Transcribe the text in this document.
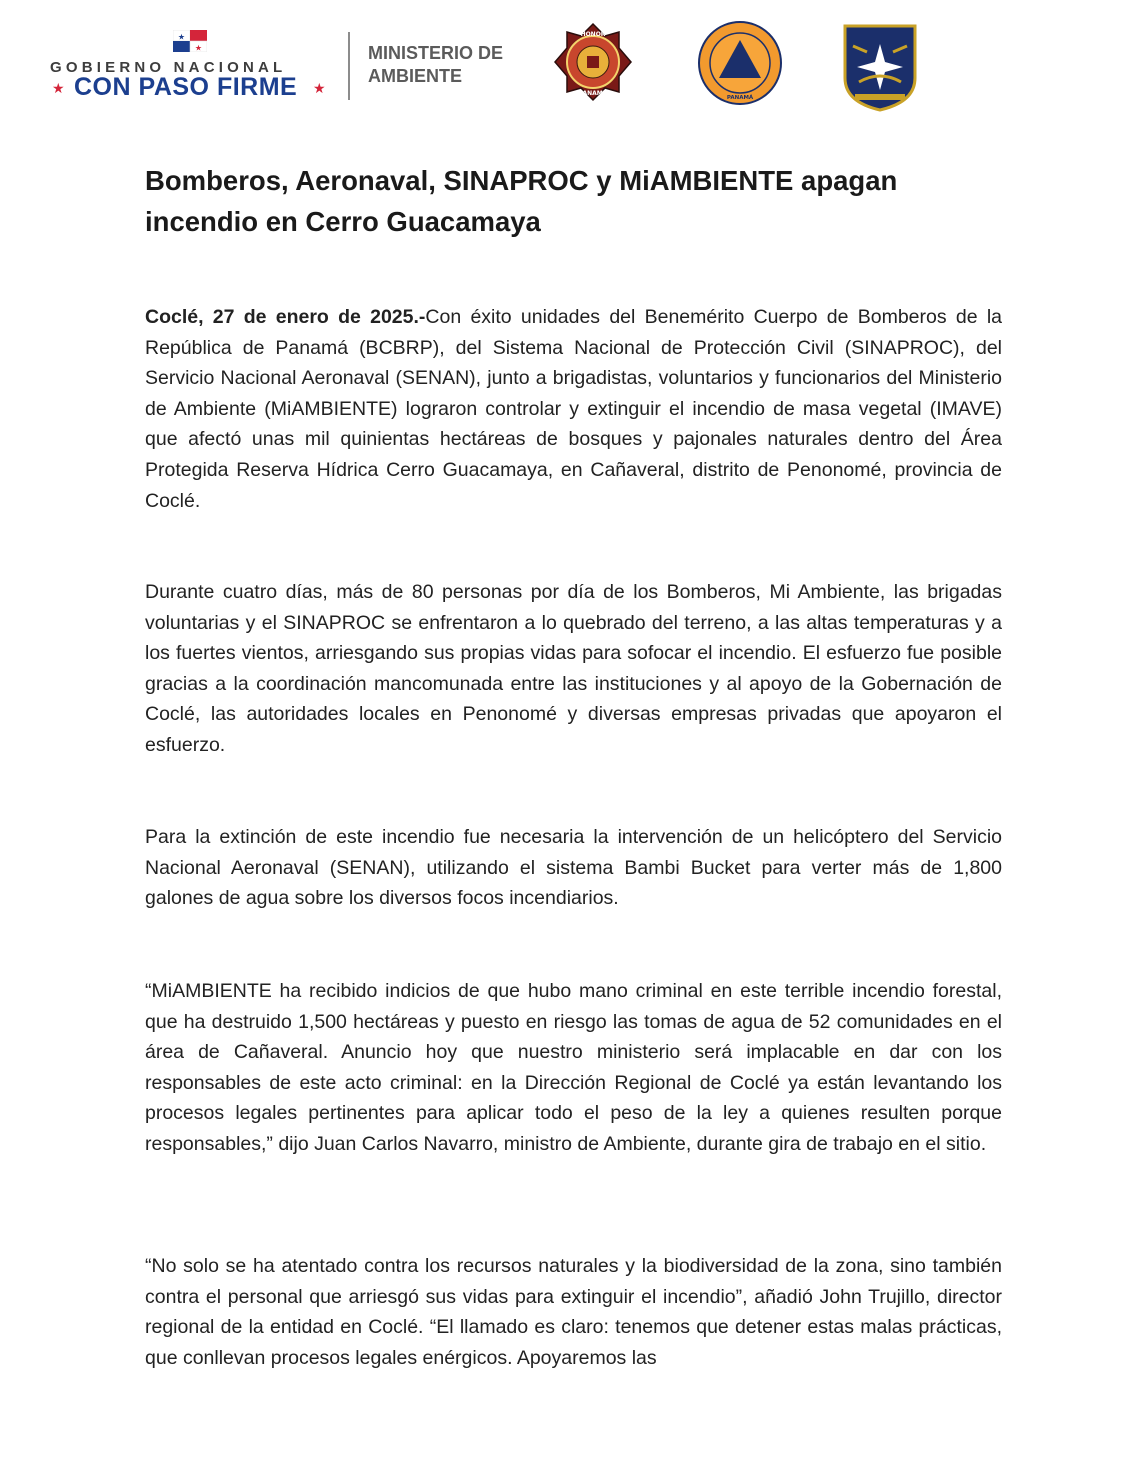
★
★
GOBIERNO NACIONAL
★ CON PASO FIRME ★
MINISTERIO DE
AMBIENTE
HONOR
PANAMÁ
PANAMÁ
Bomberos, Aeronaval, SINAPROC y MiAMBIENTE apagan incendio en Cerro Guacamaya

Coclé, 27 de enero de 2025.-Con éxito unidades del Benemérito Cuerpo de Bomberos de la República de Panamá (BCBRP), del Sistema Nacional de Protección Civil (SINAPROC), del Servicio Nacional Aeronaval (SENAN), junto a brigadistas, voluntarios y funcionarios del Ministerio de Ambiente (MiAMBIENTE) lograron controlar y extinguir el incendio de masa vegetal (IMAVE) que afectó unas mil quinientas hectáreas de bosques y pajonales naturales dentro del Área Protegida Reserva Hídrica Cerro Guacamaya, en Cañaveral, distrito de Penonomé, provincia de Coclé.

Durante cuatro días, más de 80 personas por día de los Bomberos, Mi Ambiente, las brigadas voluntarias y el SINAPROC se enfrentaron a lo quebrado del terreno, a las altas temperaturas y a los fuertes vientos, arriesgando sus propias vidas para sofocar el incendio. El esfuerzo fue posible gracias a la coordinación mancomunada entre las instituciones y al apoyo de la Gobernación de Coclé, las autoridades locales en Penonomé y diversas empresas privadas que apoyaron el esfuerzo.

Para la extinción de este incendio fue necesaria la intervención de un helicóptero del Servicio Nacional Aeronaval (SENAN), utilizando el sistema Bambi Bucket para verter más de 1,800 galones de agua sobre los diversos focos incendiarios.

“MiAMBIENTE ha recibido indicios de que hubo mano criminal en este terrible incendio forestal, que ha destruido 1,500 hectáreas y puesto en riesgo las tomas de agua de 52 comunidades en el área de Cañaveral. Anuncio hoy que nuestro ministerio será implacable en dar con los responsables de este acto criminal: en la Dirección Regional de Coclé ya están levantando los procesos legales pertinentes para aplicar todo el peso de la ley a quienes resulten porque responsables,” dijo Juan Carlos Navarro, ministro de Ambiente, durante gira de trabajo en el sitio.

“No solo se ha atentado contra los recursos naturales y la biodiversidad de la zona, sino también contra el personal que arriesgó sus vidas para extinguir el incendio”, añadió John Trujillo, director regional de la entidad en Coclé. “El llamado es claro: tenemos que detener estas malas prácticas, que conllevan procesos legales enérgicos. Apoyaremos las
